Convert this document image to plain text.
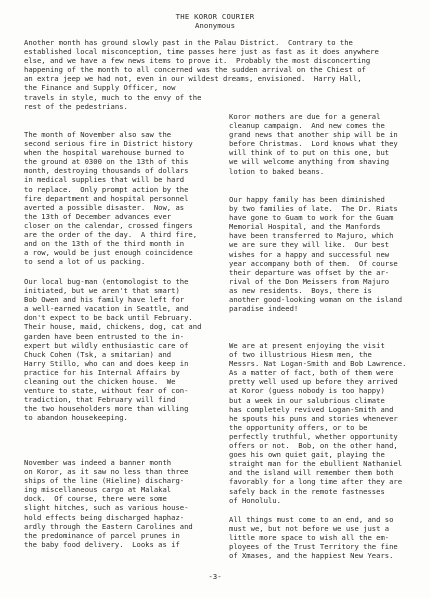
THE KOROR COURIER
Anonymous
Another month has ground slowly past in the Palau District.  Contrary to the
established local misconception, time passes here just as fast as it does anywhere
else, and we have a few news items to prove it.  Probably the most disconcerting
happening of the month to all concerned was the sudden arrival on the Chiest of
an extra jeep we had not, even in our wildest dreams, envisioned.  Harry Hall,
the Finance and Supply Officer, now
travels in style, much to the envy of the
rest of the pedestrians.
The month of November also saw the
second serious fire in District history
when the hospital warehouse burned to
the ground at 0300 on the 13th of this
month, destroying thousands of dollars
in medical supplies that will be hard
to replace.  Only prompt action by the
fire department and hospital personnel
averted a possible disaster.  Now, as
the 13th of December advances ever
closer on the calendar, crossed fingers
are the order of the day.  A third fire,
and on the 13th of the third month in
a row, would be just enough coincidence
to send a lot of us packing.
Our local bug-man (entomologist to the
initiated, but we aren't that smart)
Bob Owen and his family have left for
a well-earned vacation in Seattle, and
don't expect to be back until February.
Their house, maid, chickens, dog, cat and
garden have been entrusted to the in-
expert but wildly enthusiastic care of
Chuck Cohen (Tsk, a smitarian) and
Harry Stillo, who can and does keep in
practice for his Internal Affairs by
cleaning out the chicken house.  We
venture to state, without fear of con-
tradiction, that February will find
the two householders more than willing
to abandon housekeeping.
November was indeed a banner month
on Koror, as it saw no less than three
ships of the line (Hieline) discharg-
ing miscellaneous cargo at Malakal
dock.  Of course, there were some
slight hitches, such as various house-
hold effects being discharged haphaz-
ardly through the Eastern Carolines and
the predominance of parcel prunes in
the baby food delivery.  Looks as if
Koror mothers are due for a general
cleanup campaign.  And new comes the
grand news that another ship will be in
before Christmas.  Lord knows what they
will think of to put on this one, but
we will welcome anything from shaving
lotion to baked beans.
Our happy family has been diminished
by two families of late.  The Dr. Riats
have gone to Guam to work for the Guam
Memorial Hospital, and the Manfords
have been transferred to Majuro, which
we are sure they will like.  Our best
wishes for a happy and successful new
year accompany both of them.  Of course
their departure was offset by the ar-
rival of the Don Meissers from Majuro
as new residents.  Boys, there is
another good-looking woman on the island
paradise indeed!
We are at present enjoying the visit
of two illustrious Hiesm men, the
Messrs. Nat Logan-Smith and Bob Lawrence.
As a matter of fact, both of them were
pretty well used up before they arrived
at Koror (guess nobody is too happy)
but a week in our salubrious climate
has completely revived Logan-Smith and
he spouts his puns and stories whenever
the opportunity offers, or to be
perfectly truthful, whether opportunity
offers or not.  Bob, on the other hand,
goes his own quiet gait, playing the
straight man for the ebullient Nathaniel
and the island will remember them both
favorably for a long time after they are
safely back in the remote fastnesses
of Honolulu.
All things must come to an end, and so
must we, but not before we use just a
little more space to wish all the em-
ployees of the Trust Territory the fine
of Xmases, and the happiest New Years.
-3-
